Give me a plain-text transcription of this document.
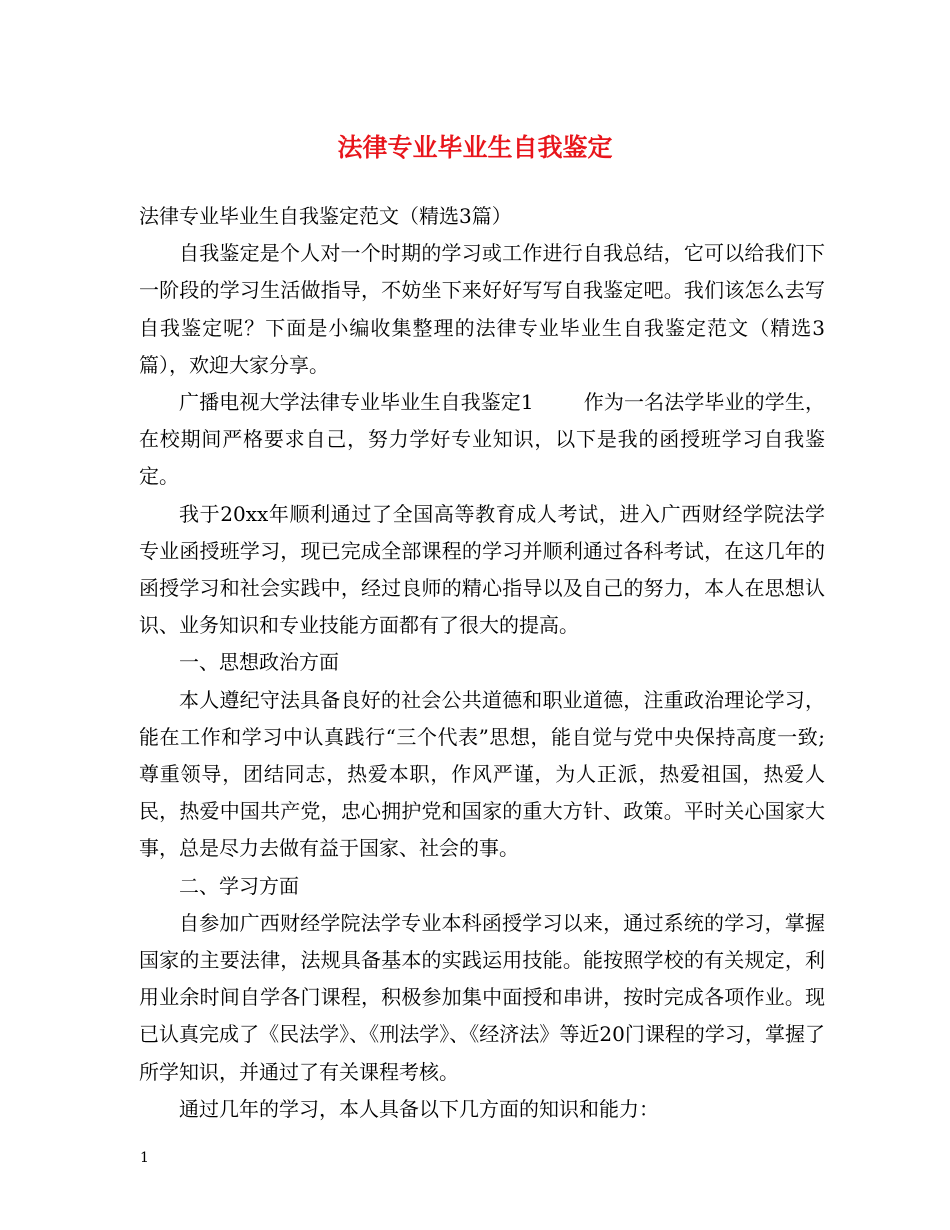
法律专业毕业生自我鉴定

法律专业毕业生自我鉴定范文（精选3篇）

自我鉴定是个人对一个时期的学习或工作进行自我总结，它可以给我们下一阶段的学习生活做指导，不妨坐下来好好写写自我鉴定吧。我们该怎么去写自我鉴定呢？下面是小编收集整理的法律专业毕业生自我鉴定范文（精选3篇），欢迎大家分享。

广播电视大学法律专业毕业生自我鉴定1	作为一名法学毕业的学生，在校期间严格要求自己，努力学好专业知识，以下是我的函授班学习自我鉴定。

我于20xx年顺利通过了全国高等教育成人考试，进入广西财经学院法学专业函授班学习，现已完成全部课程的学习并顺利通过各科考试，在这几年的函授学习和社会实践中，经过良师的精心指导以及自己的努力，本人在思想认识、业务知识和专业技能方面都有了很大的提高。

一、思想政治方面

本人遵纪守法具备良好的社会公共道德和职业道德，注重政治理论学习，能在工作和学习中认真践行“三个代表”思想，能自觉与党中央保持高度一致;尊重领导，团结同志，热爱本职，作风严谨，为人正派，热爱祖国，热爱人民，热爱中国共产党，忠心拥护党和国家的重大方针、政策。平时关心国家大事，总是尽力去做有益于国家、社会的事。

二、学习方面

自参加广西财经学院法学专业本科函授学习以来，通过系统的学习，掌握国家的主要法律，法规具备基本的实践运用技能。能按照学校的有关规定，利用业余时间自学各门课程，积极参加集中面授和串讲，按时完成各项作业。现已认真完成了《民法学》、《刑法学》、《经济法》等近20门课程的学习，掌握了所学知识，并通过了有关课程考核。

通过几年的学习，本人具备以下几方面的知识和能力：

1
